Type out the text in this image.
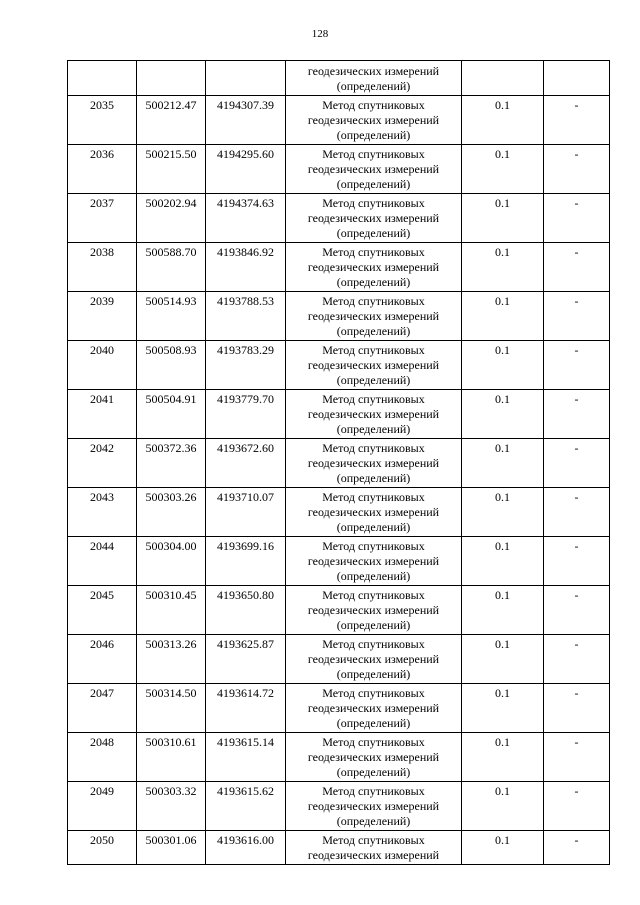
128

			геодезических измерений
(определений)		

2035	500212.47	4194307.39	Метод спутниковых
геодезических измерений
(определений)	0.1	-
2036	500215.50	4194295.60	Метод спутниковых
геодезических измерений
(определений)	0.1	-
2037	500202.94	4194374.63	Метод спутниковых
геодезических измерений
(определений)	0.1	-
2038	500588.70	4193846.92	Метод спутниковых
геодезических измерений
(определений)	0.1	-
2039	500514.93	4193788.53	Метод спутниковых
геодезических измерений
(определений)	0.1	-
2040	500508.93	4193783.29	Метод спутниковых
геодезических измерений
(определений)	0.1	-
2041	500504.91	4193779.70	Метод спутниковых
геодезических измерений
(определений)	0.1	-
2042	500372.36	4193672.60	Метод спутниковых
геодезических измерений
(определений)	0.1	-
2043	500303.26	4193710.07	Метод спутниковых
геодезических измерений
(определений)	0.1	-
2044	500304.00	4193699.16	Метод спутниковых
геодезических измерений
(определений)	0.1	-
2045	500310.45	4193650.80	Метод спутниковых
геодезических измерений
(определений)	0.1	-
2046	500313.26	4193625.87	Метод спутниковых
геодезических измерений
(определений)	0.1	-
2047	500314.50	4193614.72	Метод спутниковых
геодезических измерений
(определений)	0.1	-
2048	500310.61	4193615.14	Метод спутниковых
геодезических измерений
(определений)	0.1	-
2049	500303.32	4193615.62	Метод спутниковых
геодезических измерений
(определений)	0.1	-
2050	500301.06	4193616.00	Метод спутниковых
геодезических измерений	0.1	-
